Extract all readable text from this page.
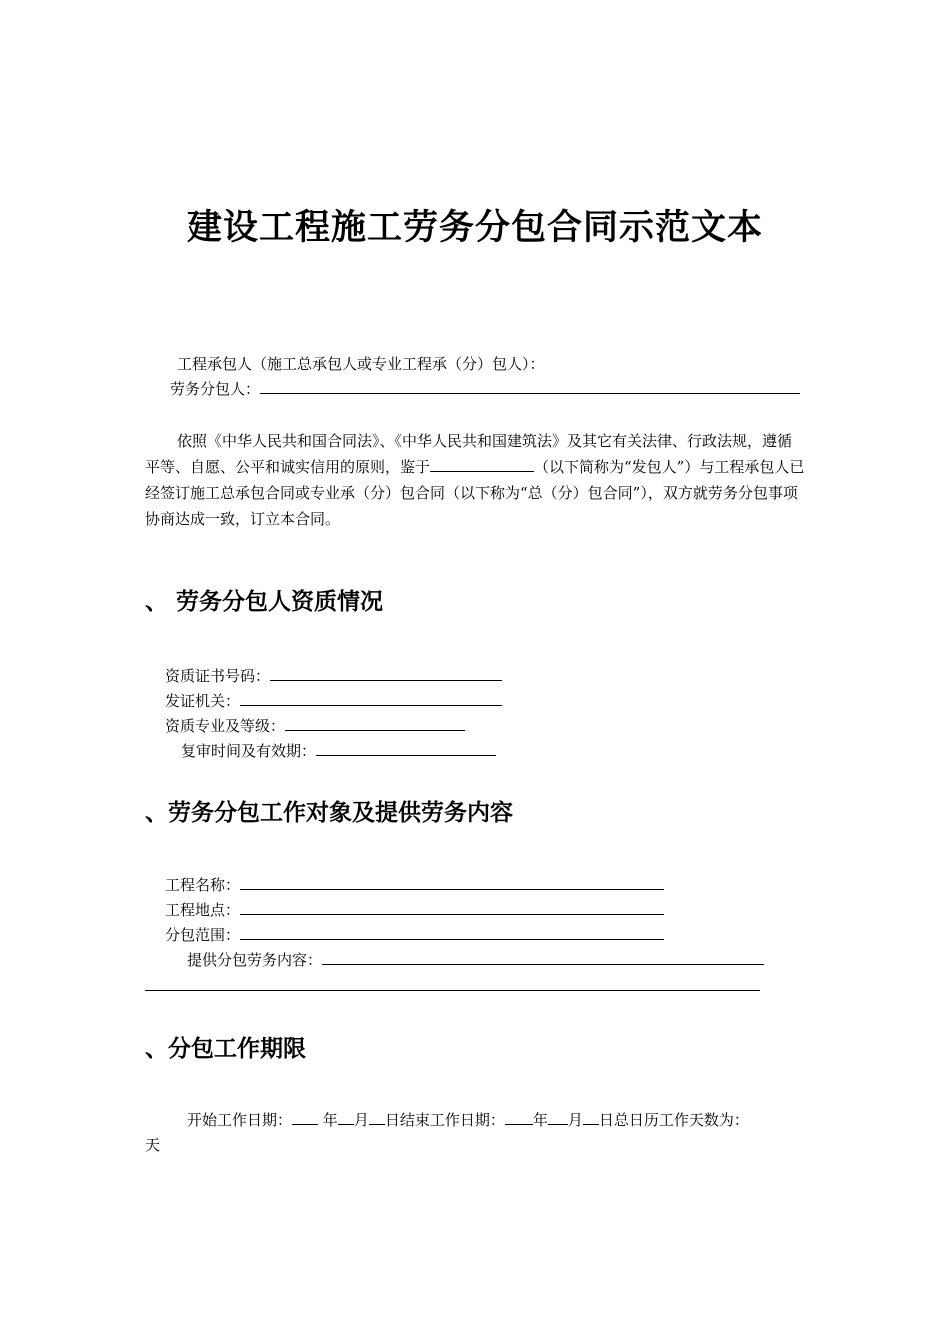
建设工程施工劳务分包合同示范文本
工程承包人（施工总承包人或专业工程承（分）包人）：
劳务分包人：
依照《中华人民共和国合同法》、《中华人民共和国建筑法》及其它有关法律、行政法规，遵循平等、自愿、公平和诚实信用的原则，鉴于	（以下简称为“发包人”）与工程承包人已经签订施工总承包合同或专业承（分）包合同（以下称为“总（分）包合同”），双方就劳务分包事项协商达成一致，订立本合同。
、 劳务分包人资质情况
资质证书号码：
发证机关：
资质专业及等级：
复审时间及有效期：
、劳务分包工作对象及提供劳务内容
工程名称：
工程地点：
分包范围：
提供分包劳务内容：
、分包工作期限
开始工作日期： 年 月 日结束工作日期： 年 月 日总日历工作天数为：
天
